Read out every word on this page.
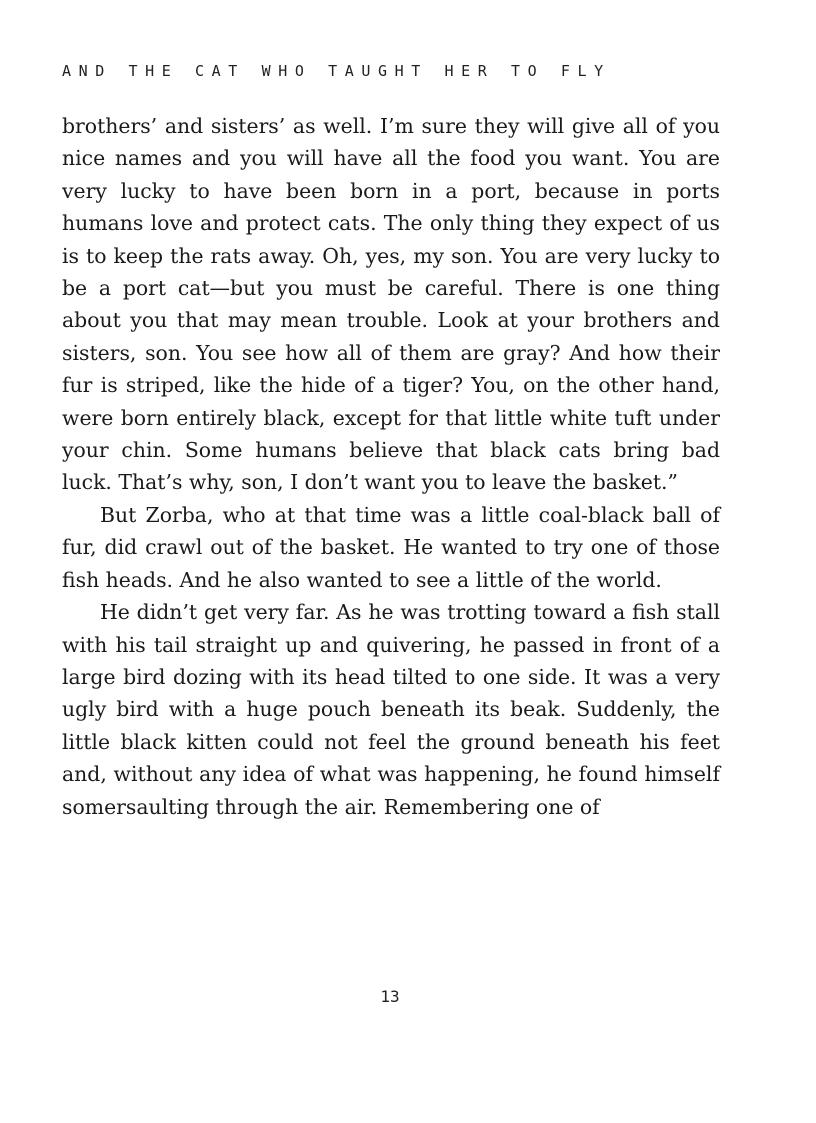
AND THE CAT WHO TAUGHT HER TO FLY

brothers’ and sisters’ as well. I’m sure they will give all of you nice names and you will have all the food you want. You are very lucky to have been born in a port, because in ports humans love and protect cats. The only thing they expect of us is to keep the rats away. Oh, yes, my son. You are very lucky to be a port cat—but you must be careful. There is one thing about you that may mean trouble. Look at your brothers and sisters, son. You see how all of them are gray? And how their fur is striped, like the hide of a tiger? You, on the other hand, were born entirely black, except for that little white tuft under your chin. Some humans believe that black cats bring bad luck. That’s why, son, I don’t want you to leave the basket.”

But Zorba, who at that time was a little coal-black ball of fur, did crawl out of the basket. He wanted to try one of those fish heads. And he also wanted to see a little of the world.

He didn’t get very far. As he was trotting toward a fish stall with his tail straight up and quivering, he passed in front of a large bird dozing with its head tilted to one side. It was a very ugly bird with a huge pouch beneath its beak. Suddenly, the little black kitten could not feel the ground beneath his feet and, without any idea of what was happening, he found himself somersaulting through the air. Remembering one of

13
